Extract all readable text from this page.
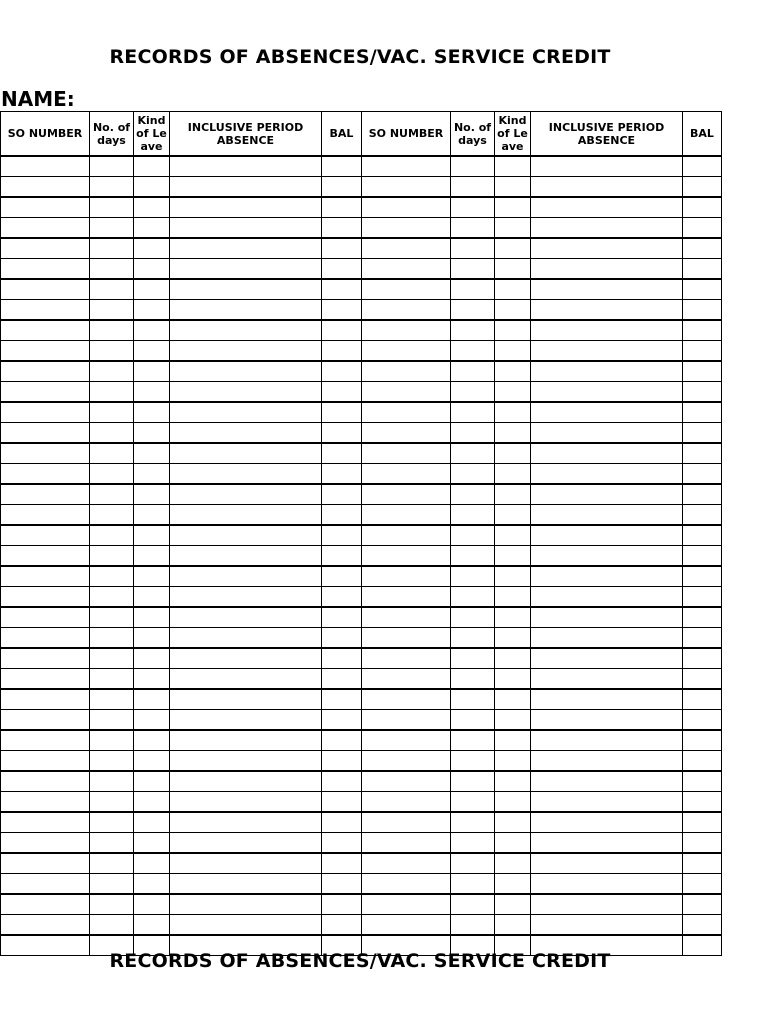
RECORDS OF ABSENCES/VAC. SERVICE CREDIT
NAME:
SO NUMBER	No. of days	Kind of Leave	INCLUSIVE PERIOD ABSENCE	BAL	SO NUMBER	No. of days	Kind of Leave	INCLUSIVE PERIOD ABSENCE	BAL

RECORDS OF ABSENCES/VAC. SERVICE CREDIT
